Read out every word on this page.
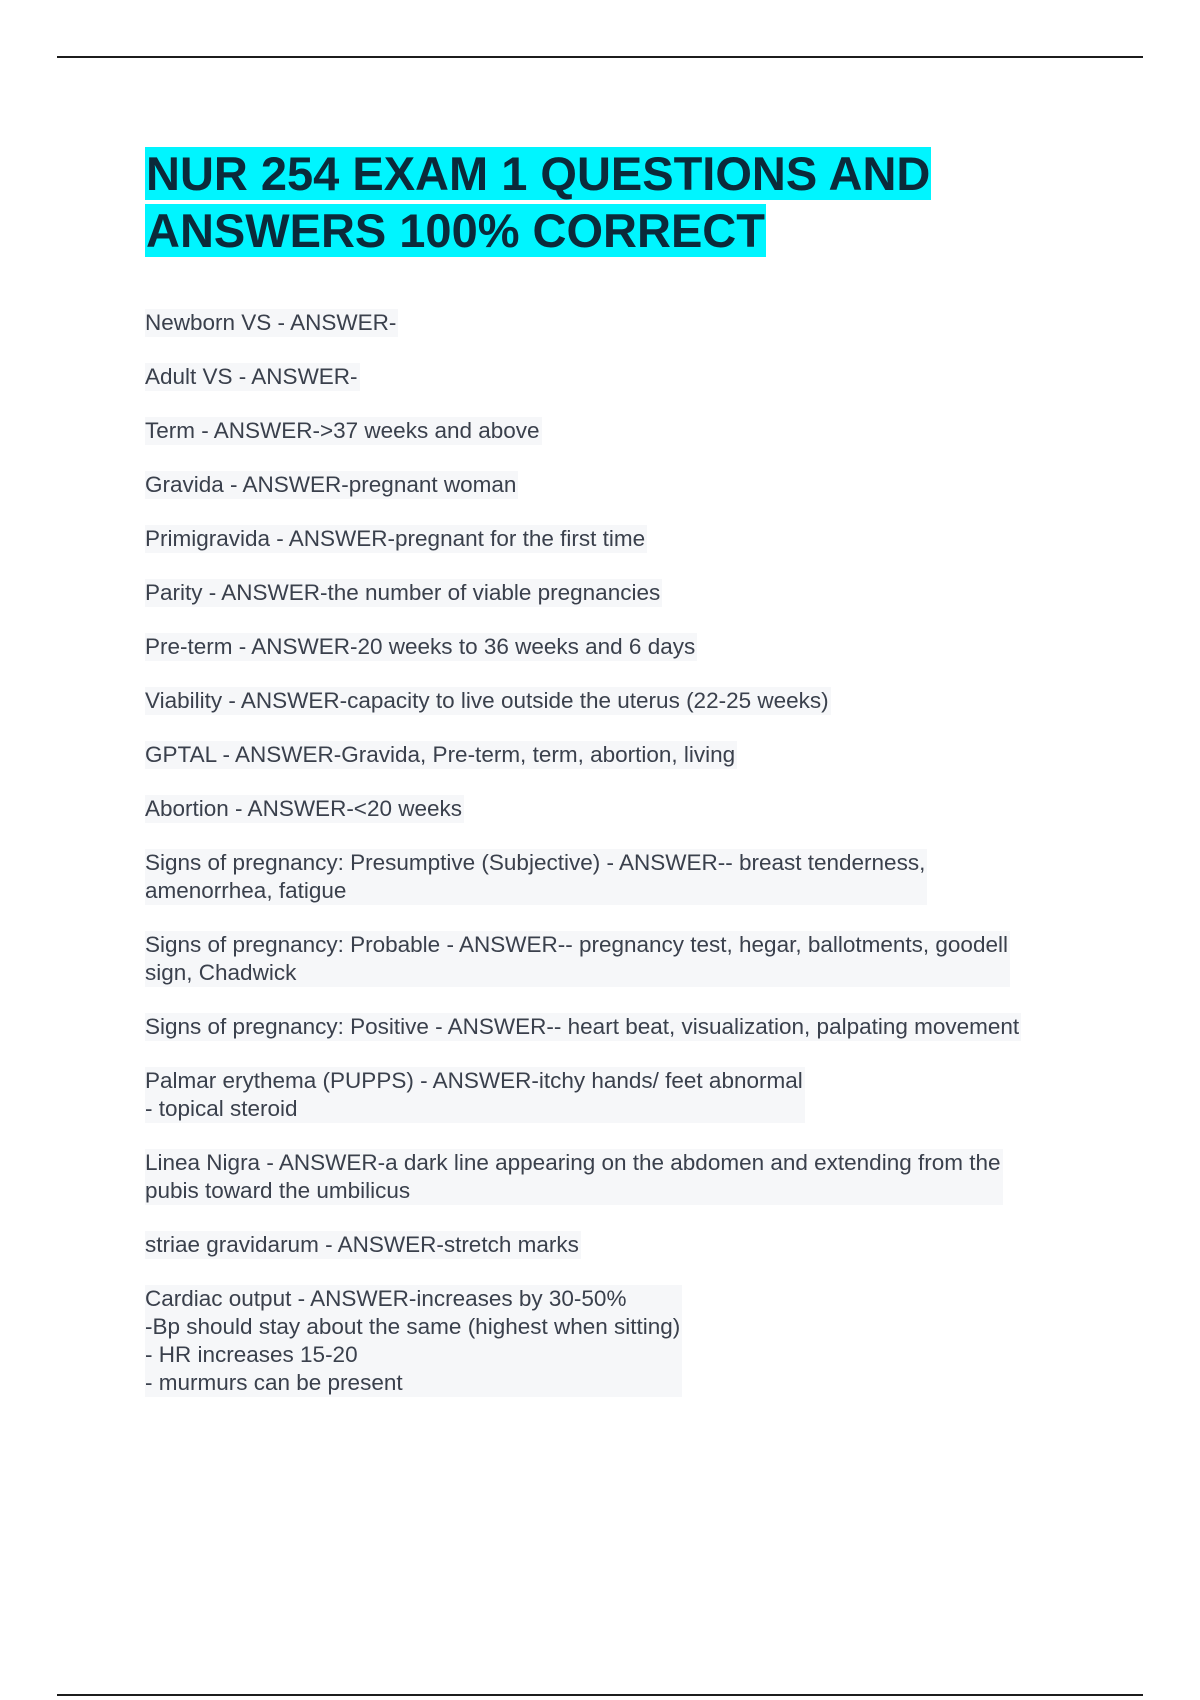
NUR 254 EXAM 1 QUESTIONS AND
ANSWERS 100% CORRECT
Newborn VS - ANSWER-
Adult VS - ANSWER-
Term - ANSWER->37 weeks and above
Gravida - ANSWER-pregnant woman
Primigravida - ANSWER-pregnant for the first time
Parity - ANSWER-the number of viable pregnancies
Pre-term - ANSWER-20 weeks to 36 weeks and 6 days
Viability - ANSWER-capacity to live outside the uterus (22-25 weeks)
GPTAL - ANSWER-Gravida, Pre-term, term, abortion, living
Abortion - ANSWER-<20 weeks
Signs of pregnancy: Presumptive (Subjective) - ANSWER-- breast tenderness,
amenorrhea, fatigue
Signs of pregnancy: Probable - ANSWER-- pregnancy test, hegar, ballotments, goodell
sign, Chadwick
Signs of pregnancy: Positive - ANSWER-- heart beat, visualization, palpating movement
Palmar erythema (PUPPS) - ANSWER-itchy hands/ feet abnormal
- topical steroid
Linea Nigra - ANSWER-a dark line appearing on the abdomen and extending from the
pubis toward the umbilicus
striae gravidarum - ANSWER-stretch marks
Cardiac output - ANSWER-increases by 30-50%
-Bp should stay about the same (highest when sitting)
- HR increases 15-20
- murmurs can be present
